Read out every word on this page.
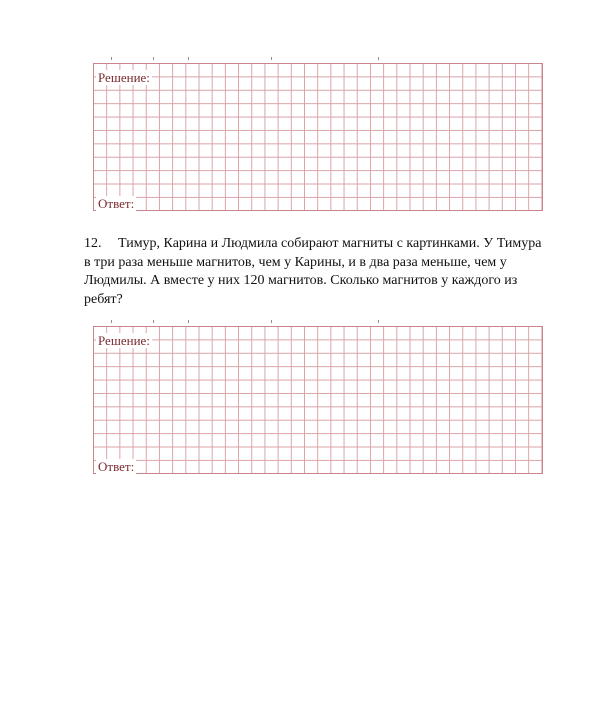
Решение:
Ответ:
12. Тимур, Карина и Людмила собирают магниты с картинками. У Тимура в три раза меньше магнитов, чем у Карины, и в два раза меньше, чем у Людмилы. А вместе у них 120 магнитов. Сколько магнитов у каждого из ребят?
Решение:
Ответ:
